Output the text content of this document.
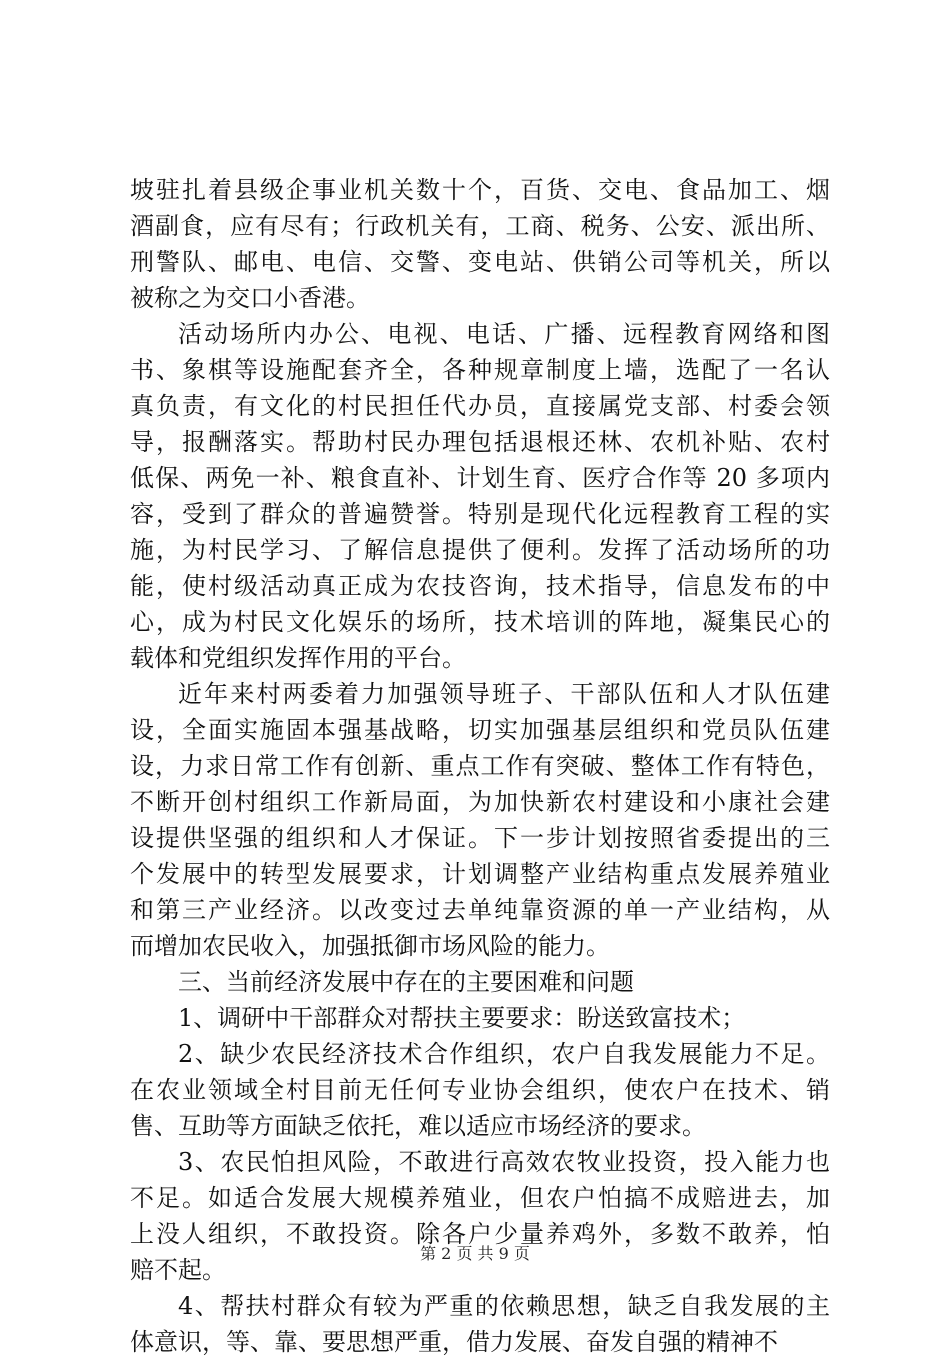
坡驻扎着县级企事业机关数十个，百货、交电、食品加工、烟
酒副食，应有尽有；行政机关有，工商、税务、公安、派出所、
刑警队、邮电、电信、交警、变电站、供销公司等机关，所以
被称之为交口小香港。
活动场所内办公、电视、电话、广播、远程教育网络和图
书、象棋等设施配套齐全，各种规章制度上墙，选配了一名认
真负责，有文化的村民担任代办员，直接属党支部、村委会领
导，报酬落实。帮助村民办理包括退根还林、农机补贴、农村
低保、两免一补、粮食直补、计划生育、医疗合作等 20 多项内
容，受到了群众的普遍赞誉。特别是现代化远程教育工程的实
施，为村民学习、了解信息提供了便利。发挥了活动场所的功
能，使村级活动真正成为农技咨询，技术指导，信息发布的中
心，成为村民文化娱乐的场所，技术培训的阵地，凝集民心的
载体和党组织发挥作用的平台。
近年来村两委着力加强领导班子、干部队伍和人才队伍建
设，全面实施固本强基战略，切实加强基层组织和党员队伍建
设，力求日常工作有创新、重点工作有突破、整体工作有特色，
不断开创村组织工作新局面，为加快新农村建设和小康社会建
设提供坚强的组织和人才保证。下一步计划按照省委提出的三
个发展中的转型发展要求，计划调整产业结构重点发展养殖业
和第三产业经济。以改变过去单纯靠资源的单一产业结构，从
而增加农民收入，加强抵御市场风险的能力。
三、当前经济发展中存在的主要困难和问题
1、调研中干部群众对帮扶主要要求：盼送致富技术；
2、缺少农民经济技术合作组织，农户自我发展能力不足。
在农业领域全村目前无任何专业协会组织，使农户在技术、销
售、互助等方面缺乏依托，难以适应市场经济的要求。
3、农民怕担风险，不敢进行高效农牧业投资，投入能力也
不足。如适合发展大规模养殖业，但农户怕搞不成赔进去，加
上没人组织，不敢投资。除各户少量养鸡外，多数不敢养，怕
赔不起。
4、帮扶村群众有较为严重的依赖思想，缺乏自我发展的主
体意识，等、靠、要思想严重，借力发展、奋发自强的精神不
第 2 页 共 9 页
